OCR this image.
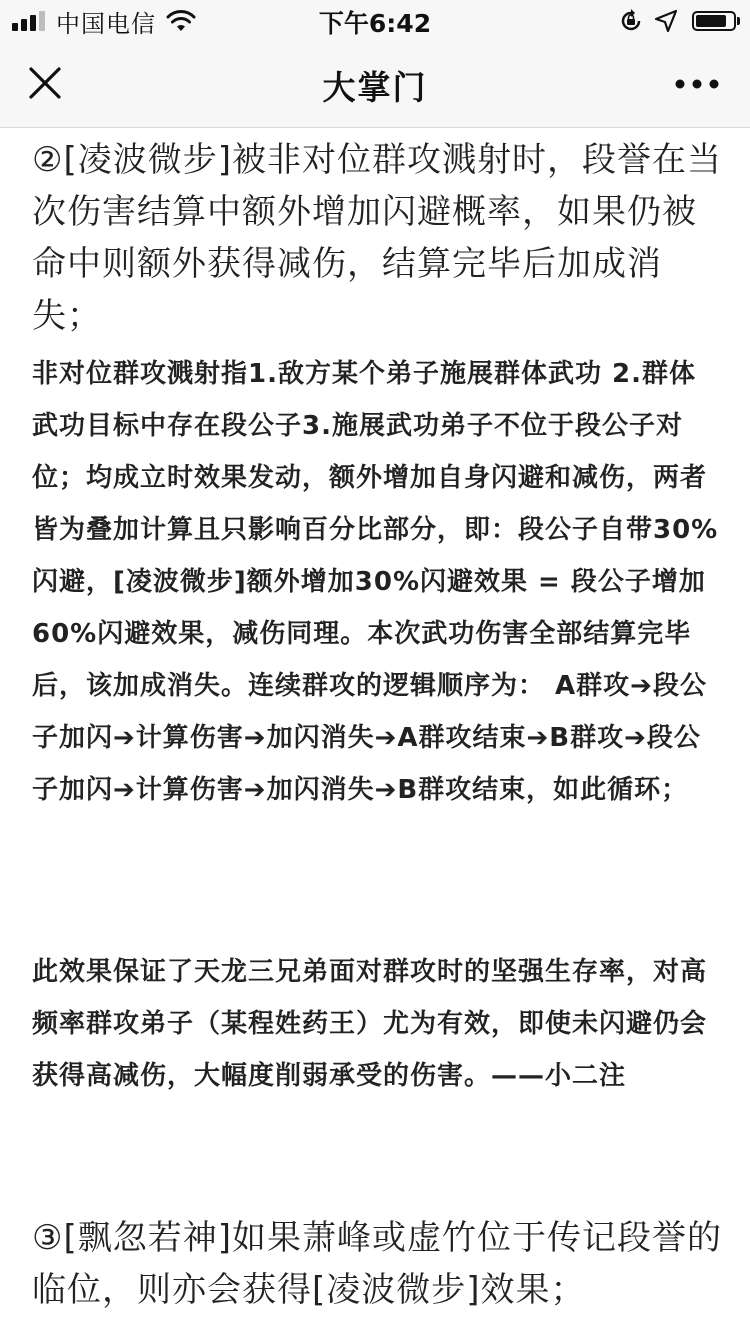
中国电信	下午6:42
大掌门

②[凌波微步]被非对位群攻溅射时，段誉在当次伤害结算中额外增加闪避概率，如果仍被命中则额外获得减伤，结算完毕后加成消失；

非对位群攻溅射指1.敌方某个弟子施展群体武功 2.群体武功目标中存在段公子3.施展武功弟子不位于段公子对位；均成立时效果发动，额外增加自身闪避和减伤，两者皆为叠加计算且只影响百分比部分，即：段公子自带30%闪避，[凌波微步]额外增加30%闪避效果 = 段公子增加60%闪避效果，减伤同理。本次武功伤害全部结算完毕后，该加成消失。连续群攻的逻辑顺序为： A群攻➔段公子加闪➔计算伤害➔加闪消失➔A群攻结束➔B群攻➔段公子加闪➔计算伤害➔加闪消失➔B群攻结束，如此循环；

此效果保证了天龙三兄弟面对群攻时的坚强生存率，对高频率群攻弟子（某程姓药王）尤为有效，即使未闪避仍会获得高减伤，大幅度削弱承受的伤害。——小二注

③[飘忽若神]如果萧峰或虚竹位于传记段誉的临位，则亦会获得[凌波微步]效果；
